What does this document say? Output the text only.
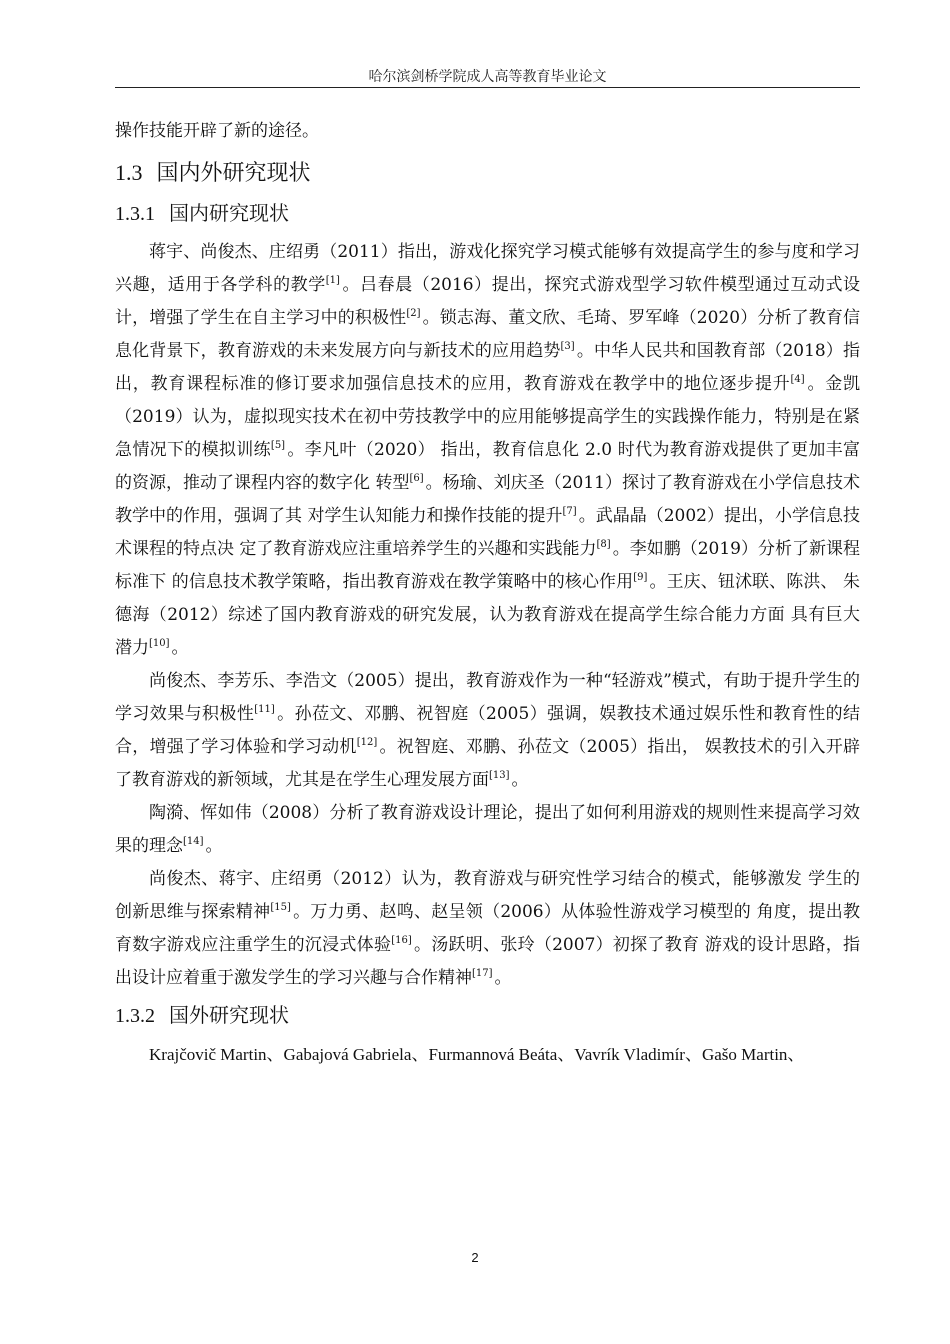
哈尔滨剑桥学院成人高等教育毕业论文

操作技能开辟了新的途径。

1.3 国内外研究现状
1.3.1 国内研究现状

蒋宇、尚俊杰、庄绍勇（2011）指出，游戏化探究学习模式能够有效提高学生的参与度和学习兴趣，适用于各学科的教学[1] 。吕春晨（2016）提出，探究式游戏型学习软件模型通过互动式设计，增强了学生在自主学习中的积极性[2] 。锁志海、董文欣、毛琦、罗军峰（2020）分析了教育信息化背景下，教育游戏的未来发展方向与新技术的应用趋势[3] 。中华人民共和国教育部（2018）指出，教育课程标准的修订要求加强信息技术的应用，教育游戏在教学中的地位逐步提升[4] 。金凯（2019）认为，虚拟现实技术在初中劳技教学中的应用能够提高学生的实践操作能力，特别是在紧急情况下的模拟训练[5] 。李凡叶（2020） 指出，教育信息化 2.0 时代为教育游戏提供了更加丰富的资源，推动了课程内容的数字化 转型[6] 。杨瑜、刘庆圣（2011）探讨了教育游戏在小学信息技术教学中的作用，强调了其 对学生认知能力和操作技能的提升[7] 。武晶晶（2002）提出，小学信息技术课程的特点决 定了教育游戏应注重培养学生的兴趣和实践能力[8] 。李如鹏（2019）分析了新课程标准下 的信息技术教学策略，指出教育游戏在教学策略中的核心作用[9] 。王庆、钮沭联、陈洪、 朱德海（2012）综述了国内教育游戏的研究发展，认为教育游戏在提高学生综合能力方面 具有巨大潜力[10] 。

尚俊杰、李芳乐、李浩文（2005）提出，教育游戏作为一种“轻游戏”模式，有助于提升学生的学习效果与积极性[11] 。孙莅文、邓鹏、祝智庭（2005）强调，娱教技术通过娱乐性和教育性的结合，增强了学习体验和学习动机[12] 。祝智庭、邓鹏、孙莅文（2005）指出， 娱教技术的引入开辟了教育游戏的新领域，尤其是在学生心理发展方面[13] 。

陶漪、恽如伟（2008）分析了教育游戏设计理论，提出了如何利用游戏的规则性来提高学习效果的理念[14] 。

尚俊杰、蒋宇、庄绍勇（2012）认为，教育游戏与研究性学习结合的模式，能够激发 学生的创新思维与探索精神[15] 。万力勇、赵鸣、赵呈领（2006）从体验性游戏学习模型的 角度，提出教育数字游戏应注重学生的沉浸式体验[16] 。汤跃明、张玲（2007）初探了教育 游戏的设计思路，指出设计应着重于激发学生的学习兴趣与合作精神[17] 。

1.3.2 国外研究现状

Krajčovič Martin、Gabajová Gabriela、Furmannová Beáta、Vavrík Vladimír、Gašo Martin、

2
